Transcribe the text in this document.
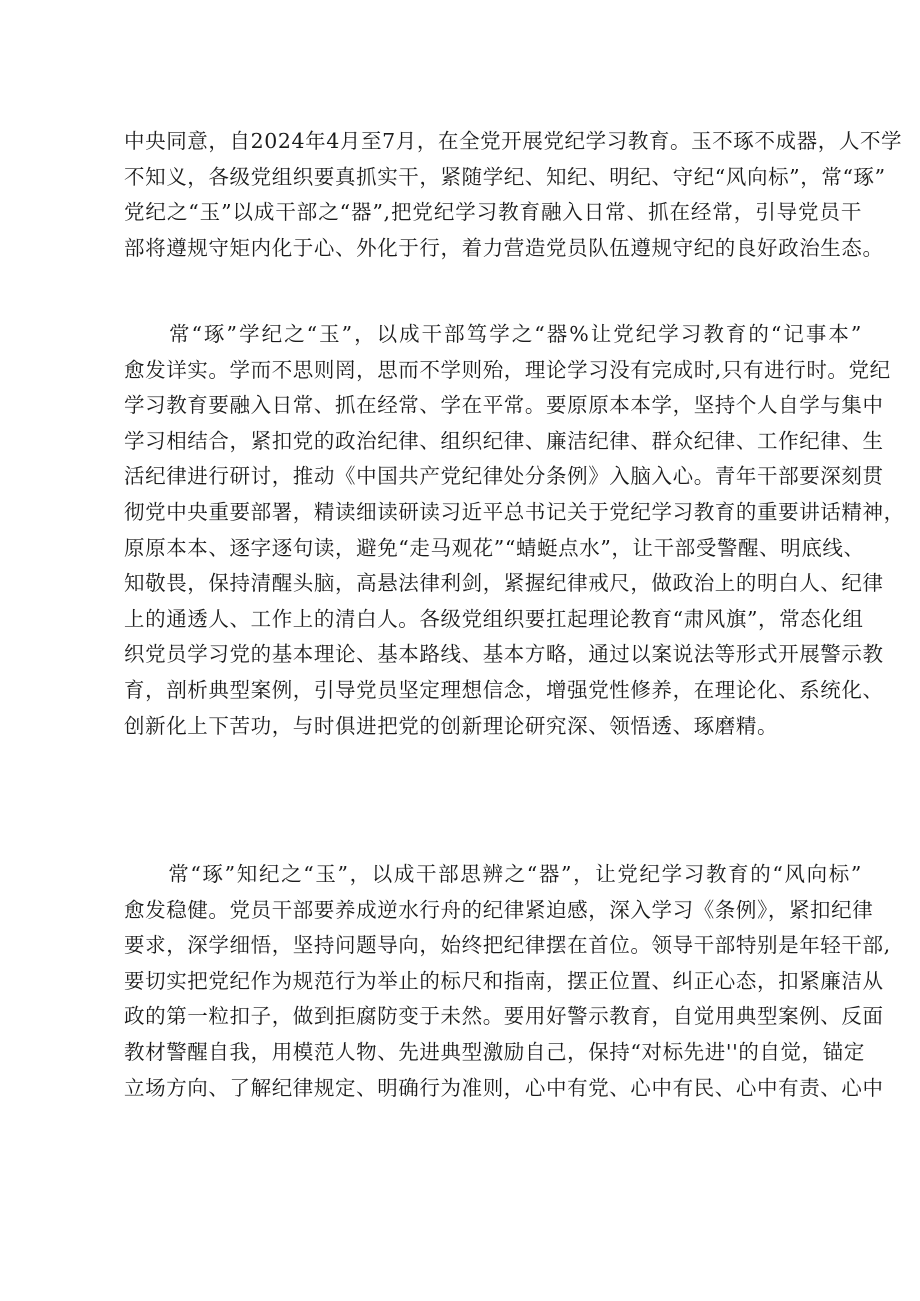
中央同意，自2024年4月至7月，在全党开展党纪学习教育。玉不琢不成器，人不学
不知义，各级党组织要真抓实干，紧随学纪、知纪、明纪、守纪“风向标”，常“琢”
党纪之“玉”以成干部之“器”,把党纪学习教育融入日常、抓在经常，引导党员干
部将遵规守矩内化于心、外化于行，着力营造党员队伍遵规守纪的良好政治生态。
　　常“琢”学纪之“玉”，以成干部笃学之“器%让党纪学习教育的“记事本”
愈发详实。学而不思则罔，思而不学则殆，理论学习没有完成时,只有进行时。党纪
学习教育要融入日常、抓在经常、学在平常。要原原本本学，坚持个人自学与集中
学习相结合，紧扣党的政治纪律、组织纪律、廉洁纪律、群众纪律、工作纪律、生
活纪律进行研讨，推动《中国共产党纪律处分条例》入脑入心。青年干部要深刻贯
彻党中央重要部署，精读细读研读习近平总书记关于党纪学习教育的重要讲话精神，
原原本本、逐字逐句读，避免“走马观花”“蜻蜓点水”，让干部受警醒、明底线、
知敬畏，保持清醒头脑，高悬法律利剑，紧握纪律戒尺，做政治上的明白人、纪律
上的通透人、工作上的清白人。各级党组织要扛起理论教育“肃风旗”，常态化组
织党员学习党的基本理论、基本路线、基本方略，通过以案说法等形式开展警示教
育，剖析典型案例，引导党员坚定理想信念，增强党性修养，在理论化、系统化、
创新化上下苦功，与时俱进把党的创新理论研究深、领悟透、琢磨精。
　　常“琢”知纪之“玉”，以成干部思辨之“器”，让党纪学习教育的“风向标”
愈发稳健。党员干部要养成逆水行舟的纪律紧迫感，深入学习《条例》，紧扣纪律
要求，深学细悟，坚持问题导向，始终把纪律摆在首位。领导干部特别是年轻干部,
要切实把党纪作为规范行为举止的标尺和指南，摆正位置、纠正心态，扣紧廉洁从
政的第一粒扣子，做到拒腐防变于未然。要用好警示教育，自觉用典型案例、反面
教材警醒自我，用模范人物、先进典型激励自己，保持“对标先进''的自觉，锚定
立场方向、了解纪律规定、明确行为准则，心中有党、心中有民、心中有责、心中
